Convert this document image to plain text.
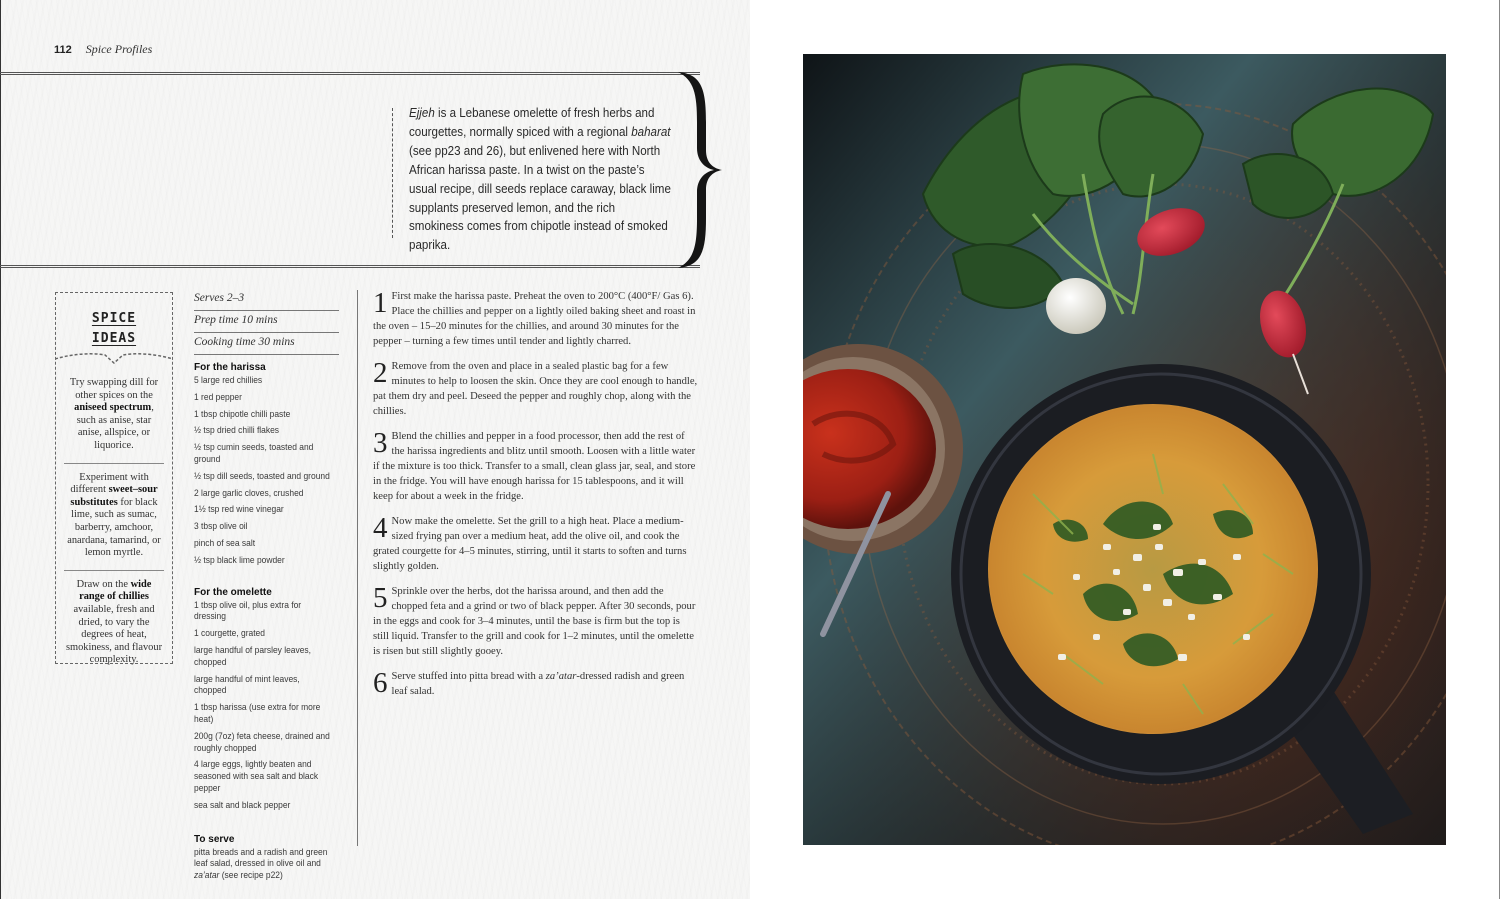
112 Spice Profiles

Ejjeh is a Lebanese omelette of fresh herbs and courgettes, normally spiced with a regional baharat (see pp23 and 26), but enlivened here with North African harissa paste. In a twist on the paste’s usual recipe, dill seeds replace caraway, black lime supplants preserved lemon, and the rich smokiness comes from chipotle instead of smoked paprika.

SPICE
IDEAS
Try swapping dill for other spices on the aniseed spectrum, such as anise, star anise, allspice, or liquorice.
Experiment with different sweet–sour substitutes for black lime, such as sumac, barberry, amchoor, anardana, tamarind, or lemon myrtle.
Draw on the wide range of chillies available, fresh and dried, to vary the degrees of heat, smokiness, and flavour complexity.
Serves 2–3
Prep time 10 mins
Cooking time 30 mins
For the harissa
5 large red chillies
1 red pepper
1 tbsp chipotle chilli paste
½ tsp dried chilli flakes
½ tsp cumin seeds, toasted and ground
½ tsp dill seeds, toasted and ground
2 large garlic cloves, crushed
1½ tsp red wine vinegar
3 tbsp olive oil
pinch of sea salt
½ tsp black lime powder
For the omelette
1 tbsp olive oil, plus extra for dressing
1 courgette, grated
large handful of parsley leaves, chopped
large handful of mint leaves, chopped
1 tbsp harissa (use extra for more heat)
200g (7oz) feta cheese, drained and roughly chopped
4 large eggs, lightly beaten and seasoned with sea salt and black pepper
sea salt and black pepper
To serve
pitta breads and a radish and green leaf salad, dressed in olive oil and za’atar (see recipe p22)
1 First make the harissa paste. Preheat the oven to 200°C (400°F/ Gas 6). Place the chillies and pepper on a lightly oiled baking sheet and roast in the oven – 15–20 minutes for the chillies, and around 30 minutes for the pepper – turning a few times until tender and lightly charred.
2 Remove from the oven and place in a sealed plastic bag for a few minutes to help to loosen the skin. Once they are cool enough to handle, pat them dry and peel. Deseed the pepper and roughly chop, along with the chillies.
3 Blend the chillies and pepper in a food processor, then add the rest of the harissa ingredients and blitz until smooth. Loosen with a little water if the mixture is too thick. Transfer to a small, clean glass jar, seal, and store in the fridge. You will have enough harissa for 15 tablespoons, and it will keep for about a week in the fridge.
4 Now make the omelette. Set the grill to a high heat. Place a medium-sized frying pan over a medium heat, add the olive oil, and cook the grated courgette for 4–5 minutes, stirring, until it starts to soften and turns slightly golden.
5 Sprinkle over the herbs, dot the harissa around, and then add the chopped feta and a grind or two of black pepper. After 30 seconds, pour in the eggs and cook for 3–4 minutes, until the base is firm but the top is still liquid. Transfer to the grill and cook for 1–2 minutes, until the omelette is risen but still slightly gooey.
6 Serve stuffed into pitta bread with a za’atar-dressed radish and green leaf salad.
